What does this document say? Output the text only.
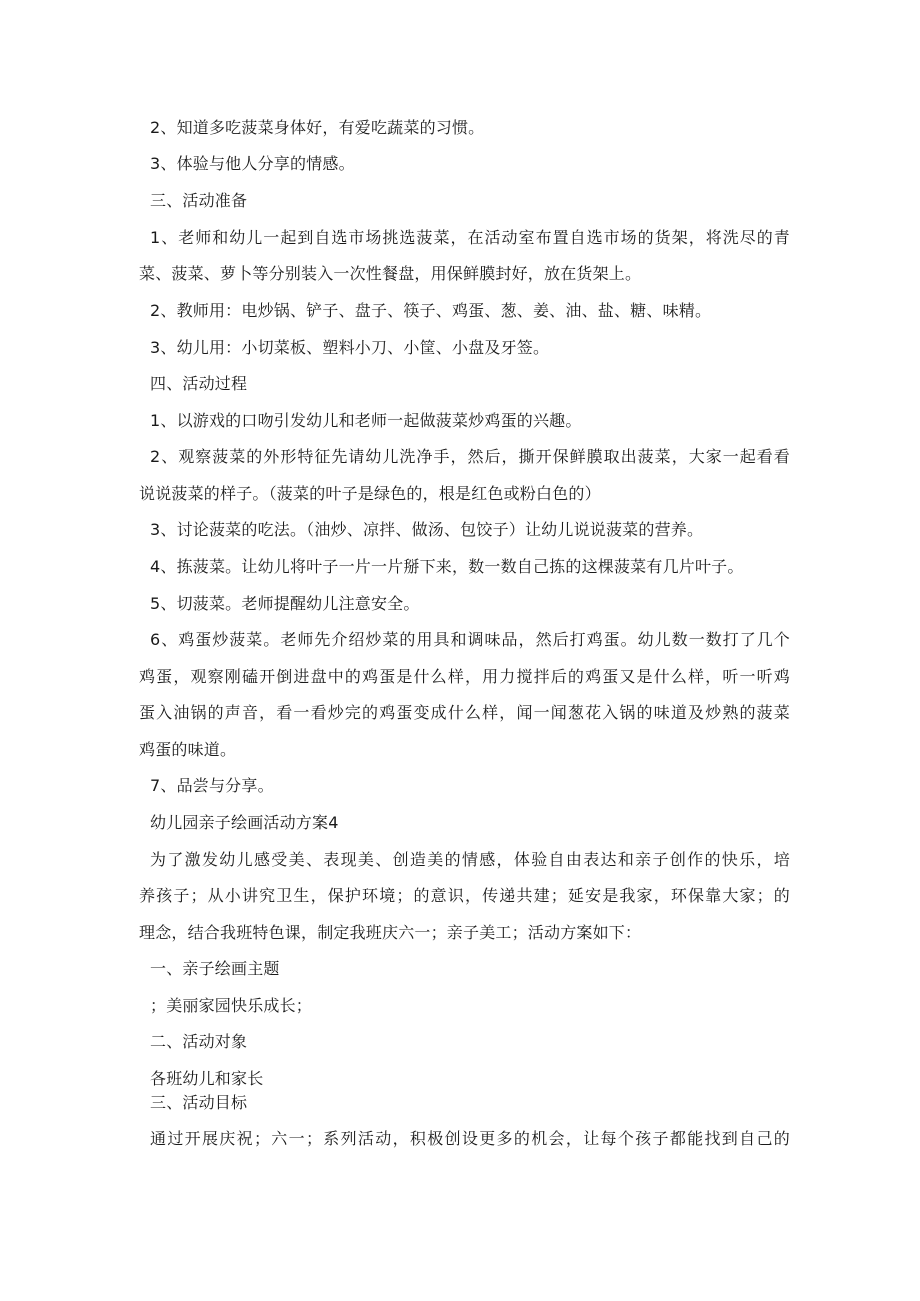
2、知道多吃菠菜身体好，有爱吃蔬菜的习惯。
3、体验与他人分享的情感。
三、活动准备
1、老师和幼儿一起到自选市场挑选菠菜，在活动室布置自选市场的货架，将洗尽的青
菜、菠菜、萝卜等分别装入一次性餐盘，用保鲜膜封好，放在货架上。
2、教师用：电炒锅、铲子、盘子、筷子、鸡蛋、葱、姜、油、盐、糖、味精。
3、幼儿用：小切菜板、塑料小刀、小筐、小盘及牙签。
四、活动过程
1、以游戏的口吻引发幼儿和老师一起做菠菜炒鸡蛋的兴趣。
2、观察菠菜的外形特征先请幼儿洗净手，然后，撕开保鲜膜取出菠菜，大家一起看看
说说菠菜的样子。（菠菜的叶子是绿色的，根是红色或粉白色的）
3、讨论菠菜的吃法。（油炒、凉拌、做汤、包饺子）让幼儿说说菠菜的营养。
4、拣菠菜。让幼儿将叶子一片一片掰下来，数一数自己拣的这棵菠菜有几片叶子。
5、切菠菜。老师提醒幼儿注意安全。
6、鸡蛋炒菠菜。老师先介绍炒菜的用具和调味品，然后打鸡蛋。幼儿数一数打了几个
鸡蛋，观察刚磕开倒进盘中的鸡蛋是什么样，用力搅拌后的鸡蛋又是什么样，听一听鸡
蛋入油锅的声音，看一看炒完的鸡蛋变成什么样，闻一闻葱花入锅的味道及炒熟的菠菜
鸡蛋的味道。
7、品尝与分享。
幼儿园亲子绘画活动方案4
为了激发幼儿感受美、表现美、创造美的情感，体验自由表达和亲子创作的快乐，培
养孩子；从小讲究卫生，保护环境；的意识，传递共建；延安是我家，环保靠大家；的
理念，结合我班特色课，制定我班庆六一；亲子美工；活动方案如下：
一、亲子绘画主题
；美丽家园快乐成长；
二、活动对象
各班幼儿和家长
三、活动目标
通过开展庆祝；六一；系列活动，积极创设更多的机会，让每个孩子都能找到自己的
